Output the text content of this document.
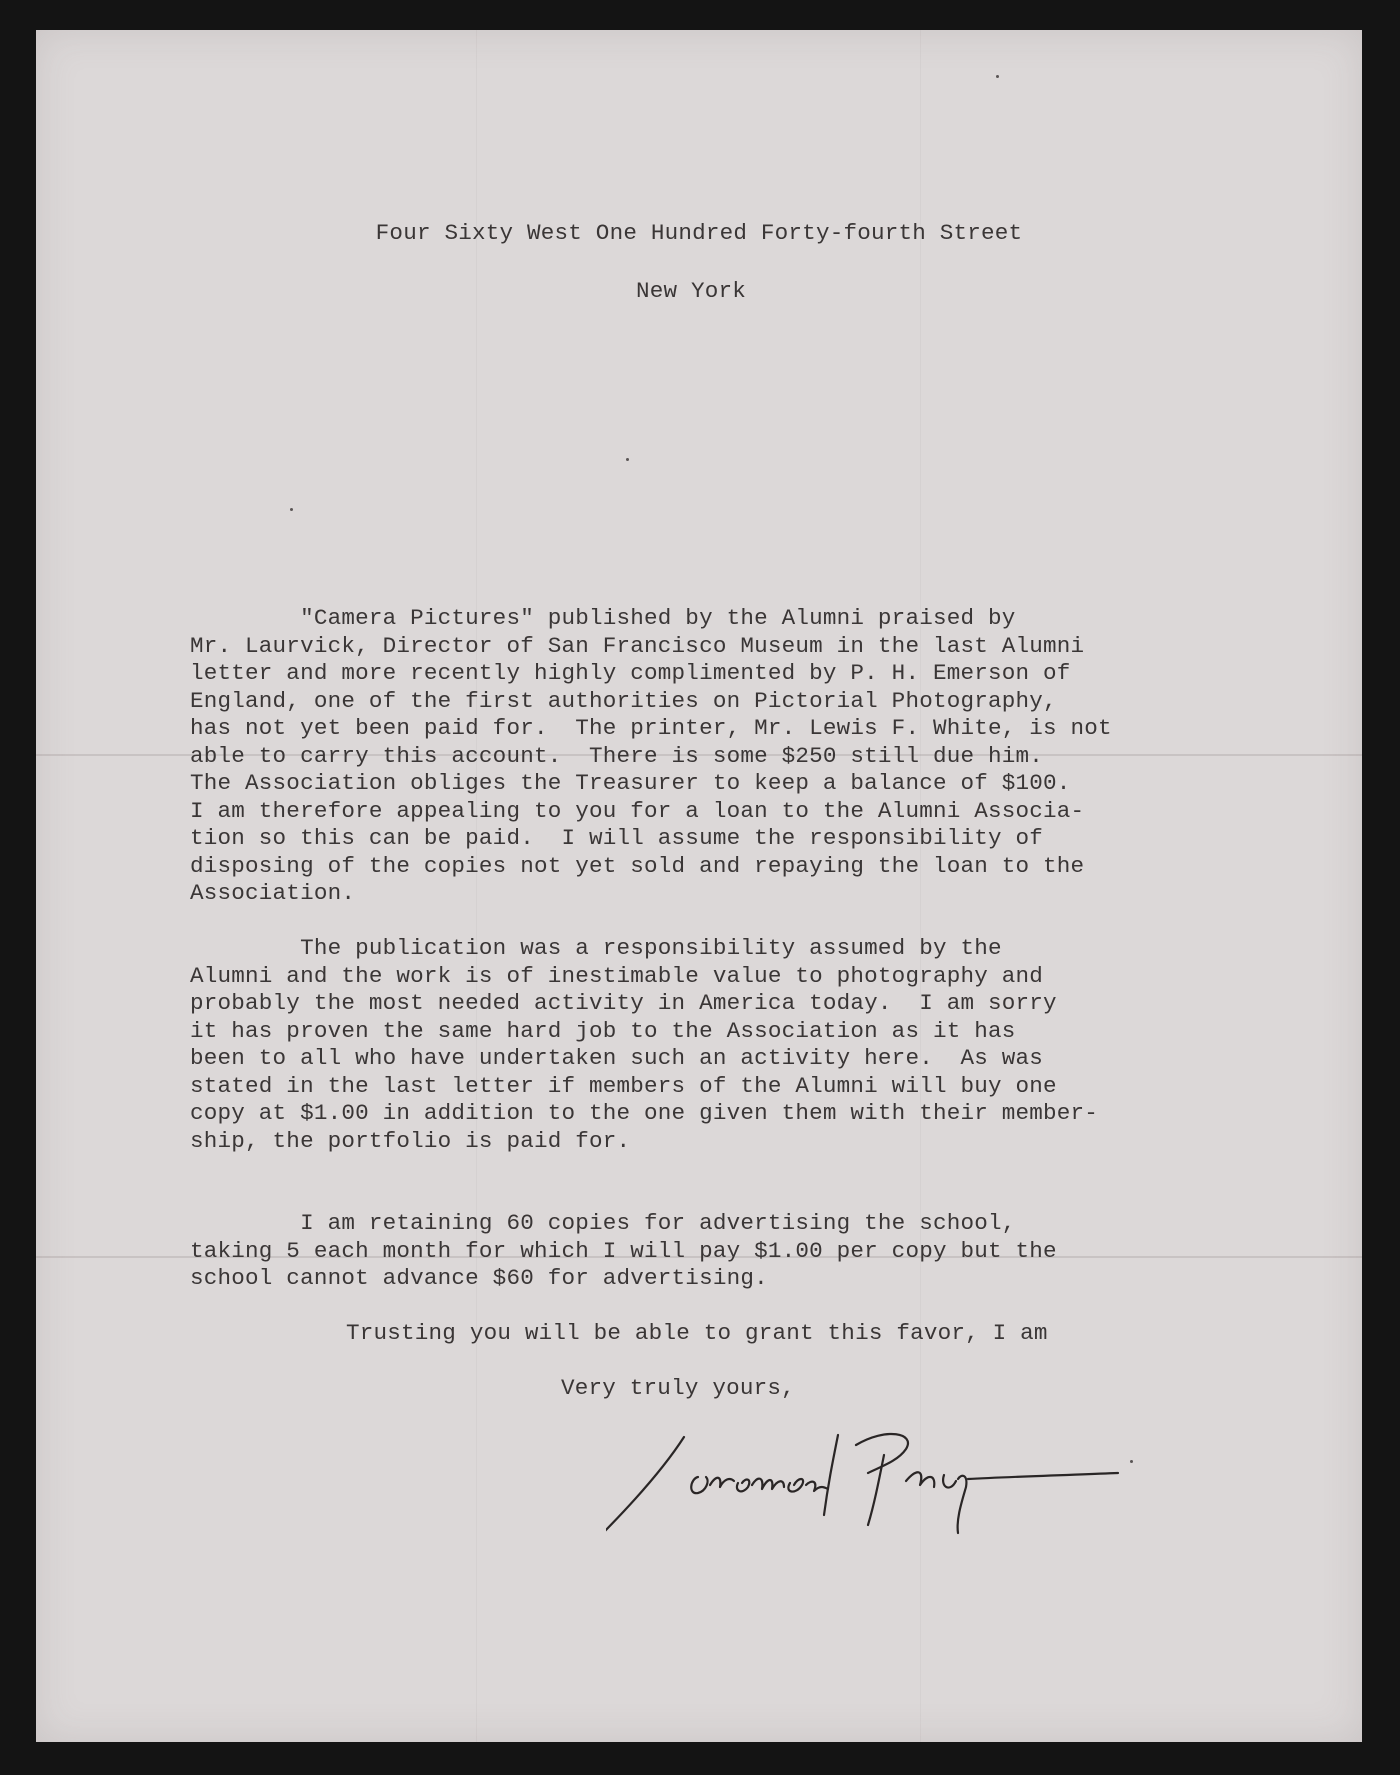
Four Sixty West One Hundred Forty-fourth Street

New York

"Camera Pictures" published by the Alumni praised by
Mr. Laurvick, Director of San Francisco Museum in the last Alumni
letter and more recently highly complimented by P. H. Emerson of
England, one of the first authorities on Pictorial Photography,
has not yet been paid for.  The printer, Mr. Lewis F. White, is not
able to carry this account.  There is some $250 still due him.
The Association obliges the Treasurer to keep a balance of $100.
I am therefore appealing to you for a loan to the Alumni Associa-
tion so this can be paid.  I will assume the responsibility of
disposing of the copies not yet sold and repaying the loan to the
Association.

The publication was a responsibility assumed by the
Alumni and the work is of inestimable value to photography and
probably the most needed activity in America today.  I am sorry
it has proven the same hard job to the Association as it has
been to all who have undertaken such an activity here.  As was
stated in the last letter if members of the Alumni will buy one
copy at $1.00 in addition to the one given them with their member-
ship, the portfolio is paid for.

I am retaining 60 copies for advertising the school,
taking 5 each month for which I will pay $1.00 per copy but the
school cannot advance $60 for advertising.

Trusting you will be able to grant this favor, I am

Very truly yours,
